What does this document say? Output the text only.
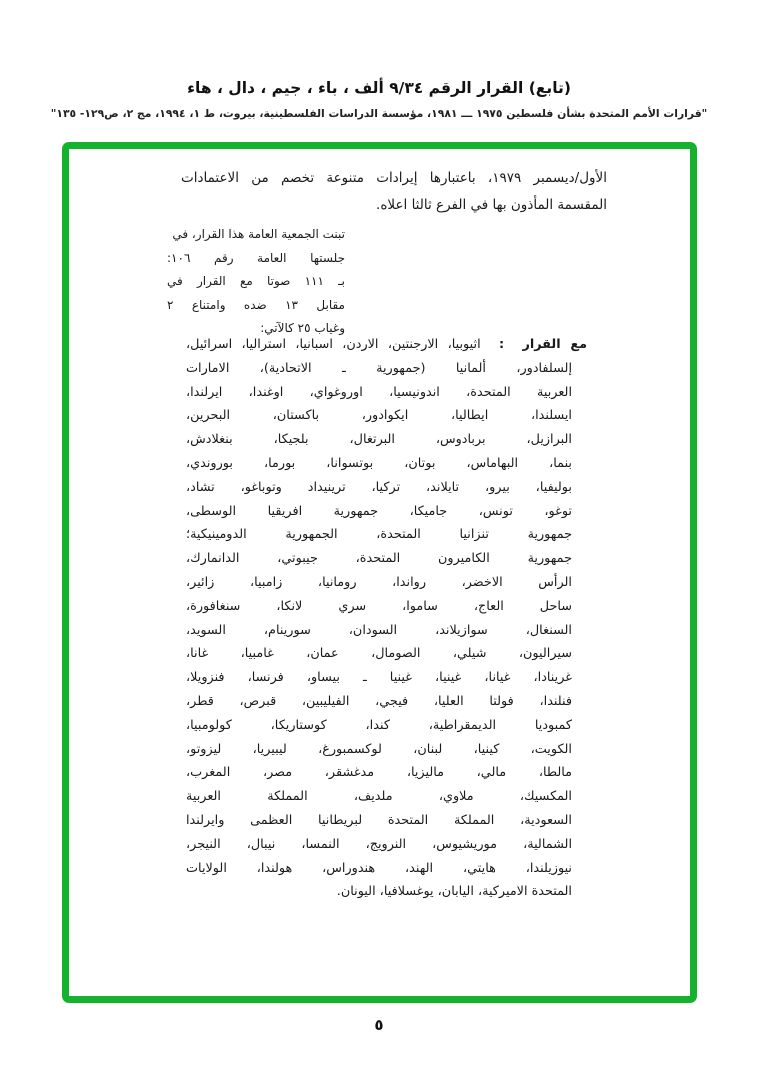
(تابع) القرار الرقم ٩/٣٤ ألف ، باء ، جيم ، دال ، هاء
"قرارات الأمم المتحدة بشأن فلسطين ١٩٧٥ ـــ ١٩٨١، مؤسسة الدراسات الفلسطينية، بيروت، ط ١، ١٩٩٤، مج ٢، ص١٢٩- ١٣٥"
الأول/ديسمبر ١٩٧٩، باعتبارها إيرادات متنوعة تخصم من الاعتمادات
المقسمة المأذون بها في الفرع ثالثا اعلاه.
تبنت الجمعية العامة هذا القرار، في
جلستها العامة رقم ١٠٦:
بـ ١١١ صوتا مع القرار في
مقابل ١٣ ضده وامتناع ٢
وغياب ٢٥ كالآتي:
مع القرار : اثيوبيا، الارجنتين، الاردن، اسبانيا، استراليا، اسرائيل،
إلسلفادور، ألمانيا (جمهورية ـ الاتحادية)، الامارات
العربية المتحدة، اندونيسيا، اوروغواي، اوغندا، ايرلندا،
ايسلندا، ايطاليا، ايكوادور، باكستان، البحرين،
البرازيل، بربادوس، البرتغال، بلجيكا، بنغلادش،
بنما، البهاماس، بوتان، بوتسوانا، بورما، بوروندي،
بوليفيا، بيرو، تايلاند، تركيا، ترينيداد وتوباغو، تشاد،
توغو، تونس، جاميكا، جمهورية افريقيا الوسطى،
جمهورية تنزانيا المتحدة، الجمهورية الدومينيكية؛
جمهورية الكاميرون المتحدة، جيبوتي، الدانمارك،
الرأس الاخضر، رواندا، رومانيا، زامبيا، زائير،
ساحل العاج، ساموا، سري لانكا، سنغافورة،
السنغال، سوازيلاند، السودان، سورينام، السويد،
سيراليون، شيلي، الصومال، عمان، غامبيا، غانا،
غرينادا، غيانا، غينيا، غينيا ـ بيساو، فرنسا، فنزويلا،
فنلندا، فولتا العليا، فيجي، الفيليبين، قبرص، قطر،
كمبوديا الديمقراطية، كندا، كوستاريكا، كولومبيا،
الكويت، كينيا، لبنان، لوكسمبورغ، ليبيريا، ليزوتو،
مالطا، مالي، ماليزيا، مدغشقر، مصر، المغرب،
المكسيك، ملاوي، ملديف، المملكة العربية
السعودية، المملكة المتحدة لبريطانيا العظمى وايرلندا
الشمالية، موريشيوس، النرويج، النمسا، نيبال، النيجر،
نيوزيلندا، هايتي، الهند، هندوراس، هولندا، الولايات
المتحدة الاميركية، اليابان، يوغسلافيا، اليونان.
٥
